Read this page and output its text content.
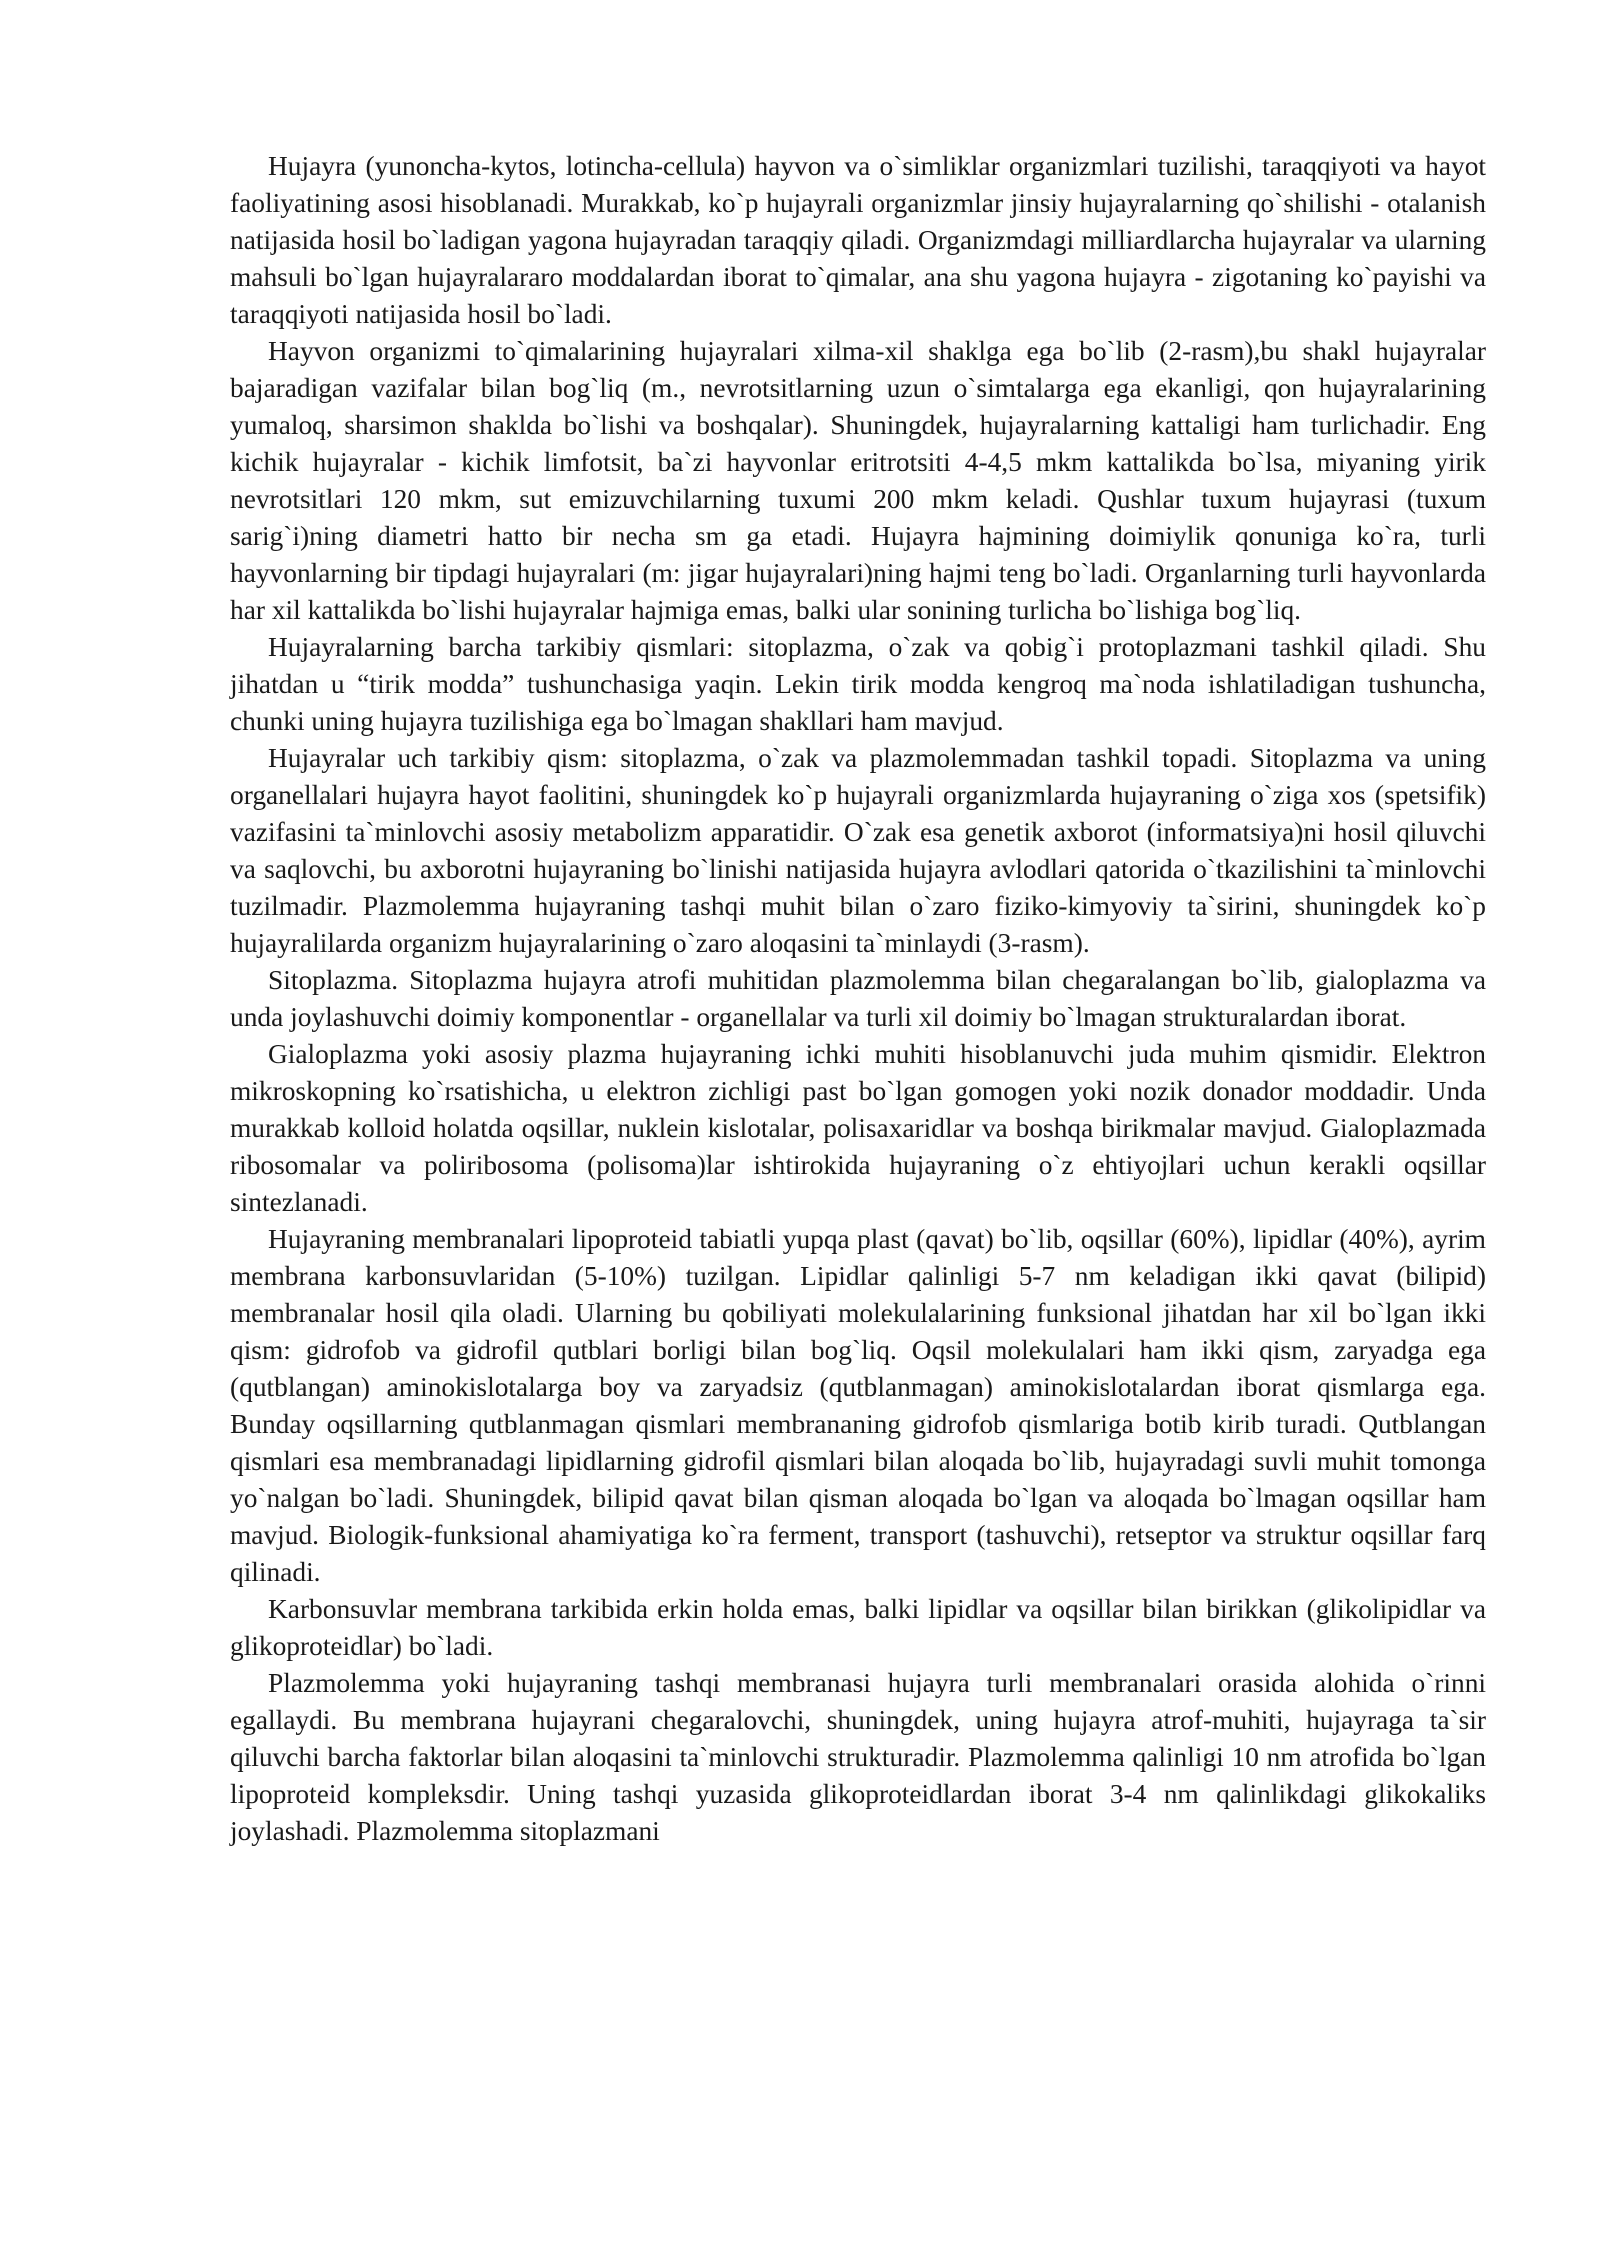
Hujayra (yunoncha-kytos, lotincha-cellula) hayvon va o`simliklar organizmlari tuzilishi, taraqqiyoti va hayot faoliyatining asosi hisoblanadi. Murakkab, ko`p hujayrali organizmlar jinsiy hujayralarning qo`shilishi - otalanish natijasida hosil bo`ladigan yagona hujayradan taraqqiy qiladi. Organizmdagi milliardlarcha hujayralar va ularning mahsuli bo`lgan hujayralararo moddalardan iborat to`qimalar, ana shu yagona hujayra - zigotaning ko`payishi va taraqqiyoti natijasida hosil bo`ladi.

Hayvon organizmi to`qimalarining hujayralari xilma-xil shaklga ega bo`lib (2-rasm),bu shakl hujayralar bajaradigan vazifalar bilan bog`liq (m., nevrotsitlarning uzun o`simtalarga ega ekanligi, qon hujayralarining yumaloq, sharsimon shaklda bo`lishi va boshqalar). Shuningdek, hujayralarning kattaligi ham turlichadir. Eng kichik hujayralar - kichik limfotsit, ba`zi hayvonlar eritrotsiti 4-4,5 mkm kattalikda bo`lsa, miyaning yirik nevrotsitlari 120 mkm, sut emizuvchilarning tuxumi 200 mkm keladi. Qushlar tuxum hujayrasi (tuxum sarig`i)ning diametri hatto bir necha sm ga etadi. Hujayra hajmining doimiylik qonuniga ko`ra, turli hayvonlarning bir tipdagi hujayralari (m: jigar hujayralari)ning hajmi teng bo`ladi. Organlarning turli hayvonlarda har xil kattalikda bo`lishi hujayralar hajmiga emas, balki ular sonining turlicha bo`lishiga bog`liq.

Hujayralarning barcha tarkibiy qismlari: sitoplazma, o`zak va qobig`i protoplazmani tashkil qiladi. Shu jihatdan u “tirik modda” tushunchasiga yaqin. Lekin tirik modda kengroq ma`noda ishlatiladigan tushuncha, chunki uning hujayra tuzilishiga ega bo`lmagan shakllari ham mavjud.

Hujayralar uch tarkibiy qism: sitoplazma, o`zak va plazmolemmadan tashkil topadi. Sitoplazma va uning organellalari hujayra hayot faolitini, shuningdek ko`p hujayrali organizmlarda hujayraning o`ziga xos (spetsifik) vazifasini ta`minlovchi asosiy metabolizm apparatidir. O`zak esa genetik axborot (informatsiya)ni hosil qiluvchi va saqlovchi, bu axborotni hujayraning bo`linishi natijasida hujayra avlodlari qatorida o`tkazilishini ta`minlovchi tuzilmadir. Plazmolemma hujayraning tashqi muhit bilan o`zaro fiziko-kimyoviy ta`sirini, shuningdek ko`p hujayralilarda organizm hujayralarining o`zaro aloqasini ta`minlaydi (3-rasm).

Sitoplazma. Sitoplazma hujayra atrofi muhitidan plazmolemma bilan chegaralangan bo`lib, gialoplazma va unda joylashuvchi doimiy komponentlar - organellalar va turli xil doimiy bo`lmagan strukturalardan iborat.

Gialoplazma yoki asosiy plazma hujayraning ichki muhiti hisoblanuvchi juda muhim qismidir. Elektron mikroskopning ko`rsatishicha, u elektron zichligi past bo`lgan gomogen yoki nozik donador moddadir. Unda murakkab kolloid holatda oqsillar, nuklein kislotalar, polisaxaridlar va boshqa birikmalar mavjud. Gialoplazmada ribosomalar va poliribosoma (polisoma)lar ishtirokida hujayraning o`z ehtiyojlari uchun kerakli oqsillar sintezlanadi.

Hujayraning membranalari lipoproteid tabiatli yupqa plast (qavat) bo`lib, oqsillar (60%), lipidlar (40%), ayrim membrana karbonsuvlaridan (5-10%) tuzilgan. Lipidlar qalinligi 5-7 nm keladigan ikki qavat (bilipid) membranalar hosil qila oladi. Ularning bu qobiliyati molekulalarining funksional jihatdan har xil bo`lgan ikki qism: gidrofob va gidrofil qutblari borligi bilan bog`liq. Oqsil molekulalari ham ikki qism, zaryadga ega (qutblangan) aminokislotalarga boy va zaryadsiz (qutblanmagan) aminokislotalardan iborat qismlarga ega. Bunday oqsillarning qutblanmagan qismlari membrananing gidrofob qismlariga botib kirib turadi. Qutblangan qismlari esa membranadagi lipidlarning gidrofil qismlari bilan aloqada bo`lib, hujayradagi suvli muhit tomonga yo`nalgan bo`ladi. Shuningdek, bilipid qavat bilan qisman aloqada bo`lgan va aloqada bo`lmagan oqsillar ham mavjud. Biologik-funksional ahamiyatiga ko`ra ferment, transport (tashuvchi), retseptor va struktur oqsillar farq qilinadi.

Karbonsuvlar membrana tarkibida erkin holda emas, balki lipidlar va oqsillar bilan birikkan (glikolipidlar va glikoproteidlar) bo`ladi.

Plazmolemma yoki hujayraning tashqi membranasi hujayra turli membranalari orasida alohida o`rinni egallaydi. Bu membrana hujayrani chegaralovchi, shuningdek, uning hujayra atrof-muhiti, hujayraga ta`sir qiluvchi barcha faktorlar bilan aloqasini ta`minlovchi strukturadir. Plazmolemma qalinligi 10 nm atrofida bo`lgan lipoproteid kompleksdir. Uning tashqi yuzasida glikoproteidlardan iborat 3-4 nm qalinlikdagi glikokaliks joylashadi. Plazmolemma sitoplazmani
